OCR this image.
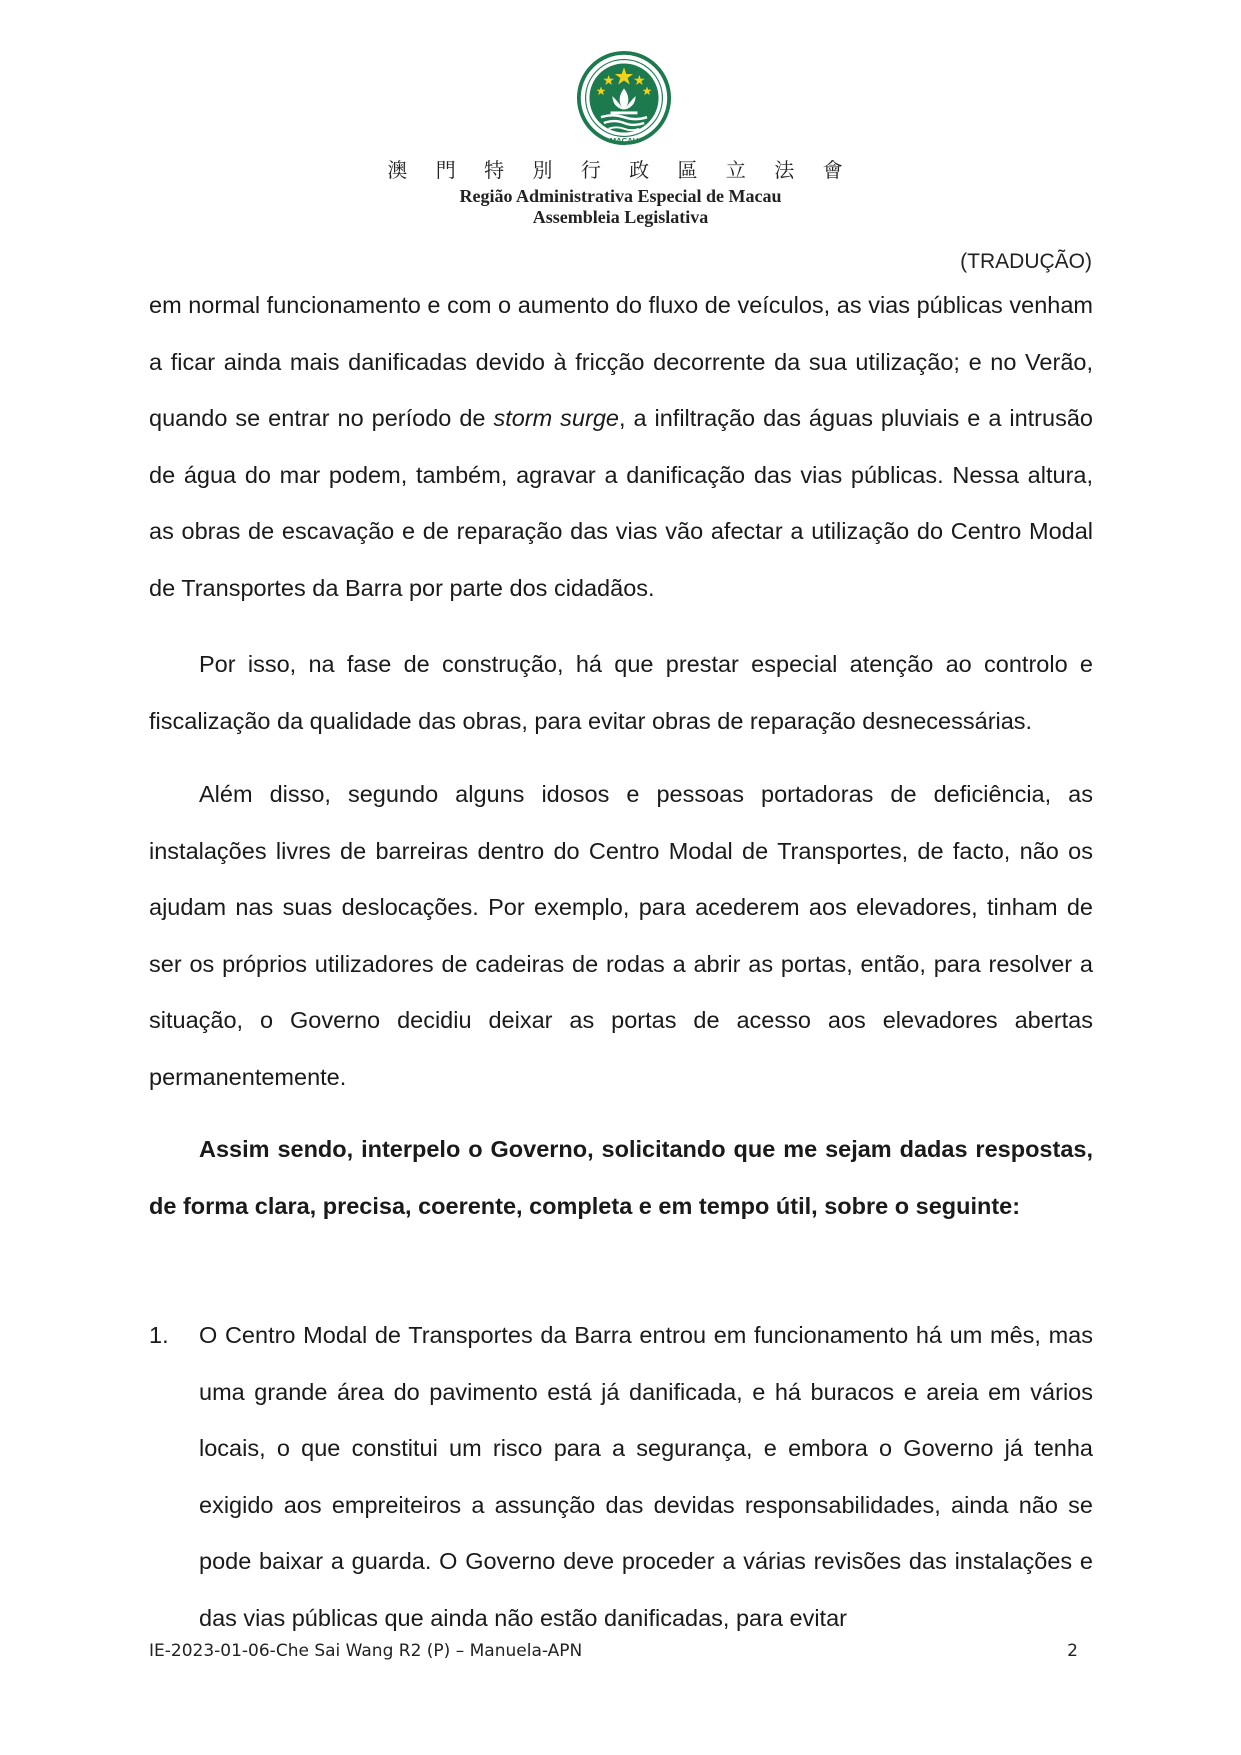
MACAU
澳 門 特 別 行 政 區 立 法 會
Região Administrativa Especial de Macau
Assembleia Legislativa
(TRADUÇÃO)
em normal funcionamento e com o aumento do fluxo de veículos, as vias públicas venham a ficar ainda mais danificadas devido à fricção decorrente da sua utilização; e no Verão, quando se entrar no período de storm surge, a infiltração das águas pluviais e a intrusão de água do mar podem, também, agravar a danificação das vias públicas. Nessa altura, as obras de escavação e de reparação das vias vão afectar a utilização do Centro Modal de Transportes da Barra por parte dos cidadãos.
Por isso, na fase de construção, há que prestar especial atenção ao controlo e fiscalização da qualidade das obras, para evitar obras de reparação desnecessárias.
Além disso, segundo alguns idosos e pessoas portadoras de deficiência, as instalações livres de barreiras dentro do Centro Modal de Transportes, de facto, não os ajudam nas suas deslocações. Por exemplo, para acederem aos elevadores, tinham de ser os próprios utilizadores de cadeiras de rodas a abrir as portas, então, para resolver a situação, o Governo decidiu deixar as portas de acesso aos elevadores abertas permanentemente.
Assim sendo, interpelo o Governo, solicitando que me sejam dadas respostas, de forma clara, precisa, coerente, completa e em tempo útil, sobre o seguinte:
1. O Centro Modal de Transportes da Barra entrou em funcionamento há um mês, mas uma grande área do pavimento está já danificada, e há buracos e areia em vários locais, o que constitui um risco para a segurança, e embora o Governo já tenha exigido aos empreiteiros a assunção das devidas responsabilidades, ainda não se pode baixar a guarda. O Governo deve proceder a várias revisões das instalações e das vias públicas que ainda não estão danificadas, para evitar
IE-2023-01-06-Che Sai Wang R2 (P) – Manuela-APN	2
